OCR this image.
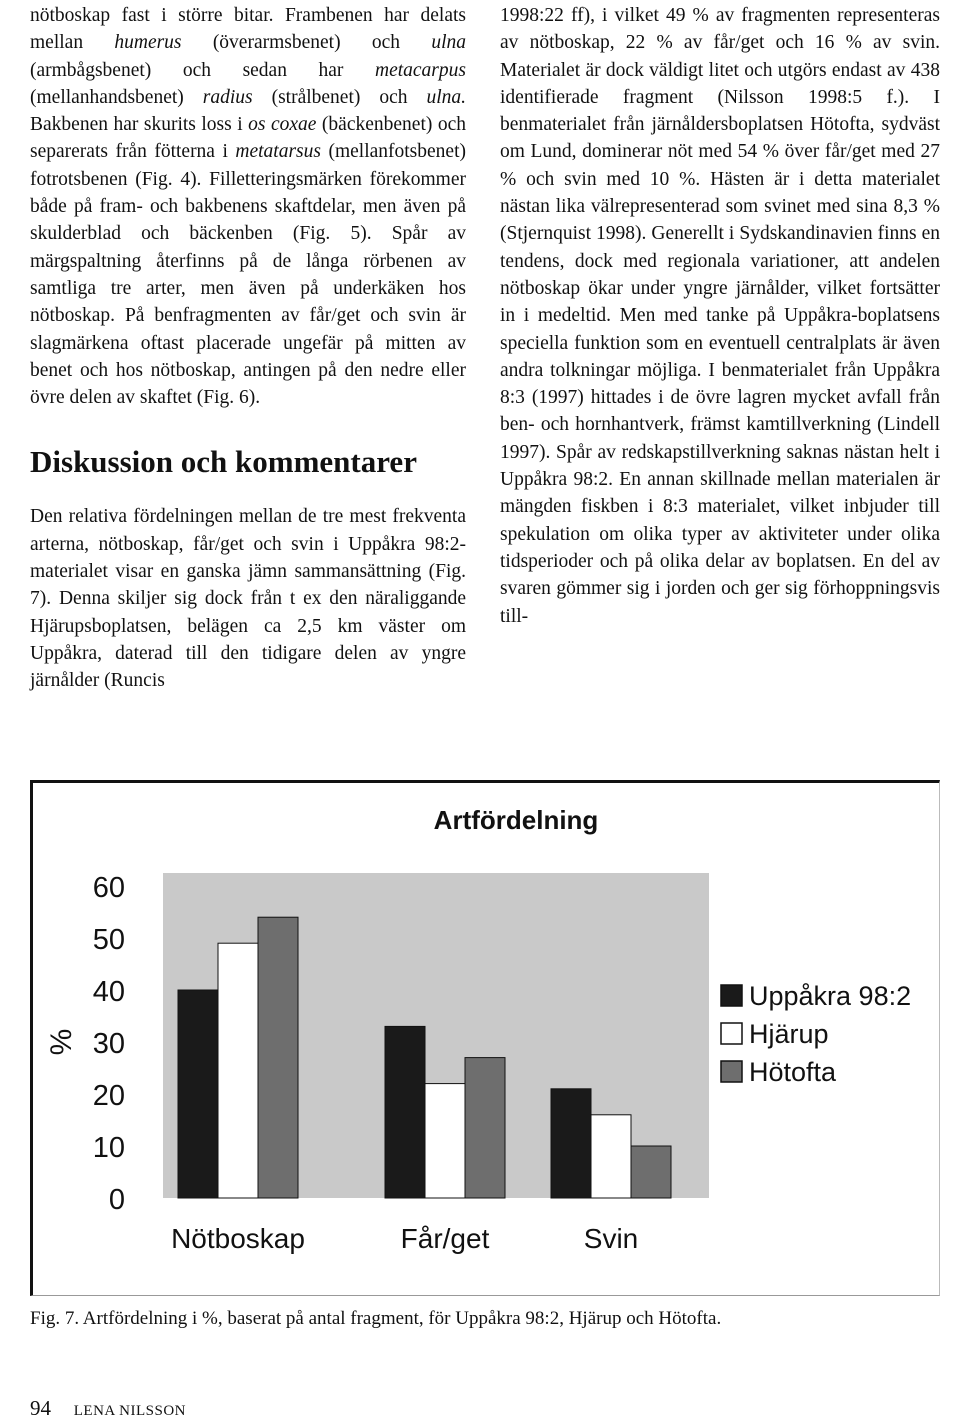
nötboskap fast i större bitar. Frambenen har delats mellan humerus (överarmsbenet) och ulna (armbågsbenet) och sedan har metacarpus (mellanhandsbenet) radius (strålbenet) och ulna. Bakbenen har skurits loss i os coxae (bäckenbenet) och separerats från fötterna i metatarsus (mellanfotsbenet) fotrotsbenen (Fig. 4). Filletteringsmärken förekommer både på fram- och bakbenens skaftdelar, men även på skulderblad och bäckenben (Fig. 5). Spår av märgspaltning återfinns på de långa rörbenen av samtliga tre arter, men även på underkäken hos nötboskap. På benfragmenten av får/get och svin är slagmärkena oftast placerade ungefär på mitten av benet och hos nötboskap, antingen på den nedre eller övre delen av skaftet (Fig. 6).

Diskussion och kommentarer

Den relativa fördelningen mellan de tre mest frekventa arterna, nötboskap, får/get och svin i Uppåkra 98:2-materialet visar en ganska jämn sammansättning (Fig. 7). Denna skiljer sig dock från t ex den näraliggande Hjärupsboplatsen, belägen ca 2,5 km väster om Uppåkra, daterad till den tidigare delen av yngre järnålder (Runcis

1998:22 ff), i vilket 49 % av fragmenten representeras av nötboskap, 22 % av får/get och 16 % av svin. Materialet är dock väldigt litet och utgörs endast av 438 identifierade fragment (Nilsson 1998:5 f.). I benmaterialet från järnåldersboplatsen Hötofta, sydväst om Lund, dominerar nöt med 54 % över får/get med 27 % och svin med 10 %. Hästen är i detta materialet nästan lika välrepresenterad som svinet med sina 8,3 % (Stjernquist 1998). Generellt i Sydskandinavien finns en tendens, dock med regionala variationer, att andelen nötboskap ökar under yngre järnålder, vilket fortsätter in i medeltid. Men med tanke på Uppåkra-boplatsens speciella funktion som en eventuell centralplats är även andra tolkningar möjliga. I benmaterialet från Uppåkra 8:3 (1997) hittades i de övre lagren mycket avfall från ben- och hornhantverk, främst kamtillverkning (Lindell 1997). Spår av redskapstillverkning saknas nästan helt i Uppåkra 98:2. En annan skillnade mellan materialen är mängden fiskben i 8:3 materialet, vilket inbjuder till spekulation om olika typer av aktiviteter under olika tidsperioder och på olika delar av boplatsen. En del av svaren gömmer sig i jorden och ger sig förhoppningsvis till-

Artfördelning
0
10
20
30
40
50
60
%
Nötboskap	Får/get	Svin
Uppåkra 98:2
Hjärup
Hötofta
Fig. 7. Artfördelning i %, baserat på antal fragment, för Uppåkra 98:2, Hjärup och Hötofta.
94 LENA NILSSON
